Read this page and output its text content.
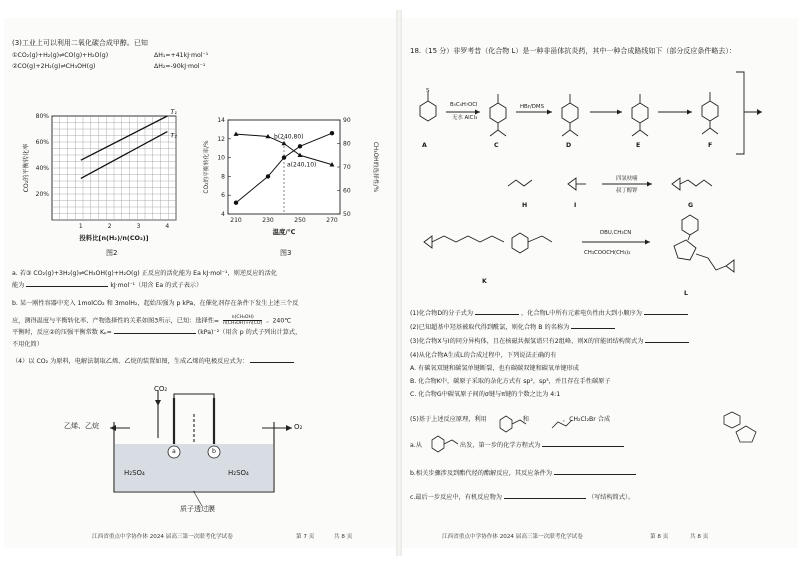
(3)工业上可以利用二氧化碳合成甲醇。已知
①CO₂(g)+H₂(g)⇌CO(g)+H₂O(g)	ΔH₁=+41kJ·mol⁻¹
②CO(g)+2H₂(g)⇌CH₃OH(g)	ΔH₂=-90kJ·mol⁻¹
20%
40%
60%
80%
1	2	3	4
T₁
T₂
投料比[n(H₂)/n(CO₂)]
CO₂的平衡转化率
图2
4
6
8
10
12
14
50
60
70
80
90
210	230	250	270
b(240,80)
a(240,10)
温度/℃
CO₂的平衡转化率/%	CH₃OH的选择性/%
图3
a. 若③ CO₂(g)+3H₂(g)⇌CH₃OH(g)+H₂O(g) 正反应的活化能为 Ea kJ·mol⁻¹，则逆反应的活化
能为	kJ·mol⁻¹（用含 Ea 的式子表示）
b. 某一刚性容器中充入 1molCO₂ 和 3molH₂，起始压强为 p kPa，在催化剂存在条件下发生上述三个反
应，测得温度与平衡转化率、产物选择性的关系如图3所示，已知：选择性= $\frac{\text{n(CH₃OH)}}{\text{n(CH₃OH)+n(CO)}}$ 。240℃
平衡时，反应②的压强平衡常数 Kₚ=	(kPa)⁻²（用含 p 的式子列出计算式，
不用化简）
（4）以 CO₂ 为原料，电解法制取乙烯、乙烷的装置如图，生成乙烯的电极反应式为：
CO₂
乙烯、乙烷	O₂
a	b
H₂SO₄	H₂SO₄
质子透过膜
江西省重点中学协作体 2024 届高三第一次联考化学试卷	第 7 页	共 8 页
18.（15 分）非罗考昔（化合物 L）是一种非甾体抗炎药，其中一种合成路线如下（部分反应条件略去）：
S
B₅C₄H₇OCl
无水 AlCl₃
HBr/DMS
A	C	D	E	F
四氢呋喃
叔丁醇钾
H	I	G
DBU,CH₃CN
CH₃COOCH(CH₃)₂
K
L
(1)化合物D的分子式为	，化合物L中所有元素电负性由大到小顺序为
(2)已知超基中羟基被取代得到酰氯，则化合物 B 的名称为
(3)化合物X与I的同分异构体，且在核磁共振氢谱只有2组峰，则X的官能团结构简式为
(4)从化合物A生成L的合成过程中，下列说法正确的有
A. 有碳氧双键和碳氢单键断裂，也有碳碳双键和碳氧单键形成
B. 化合物K中，碳原子采取的杂化方式有 sp²，sp³，并且存在手性碳原子
C. 化合物G中碳氧原子间的σ键与π键的个数之比为 4:1
(5)基于上述反应原理，利用	和	，CH₂Cl₂Br 合成
a.从	出发，第一步的化学方程式为
b.相关步骤涉及到酯代烃的酯解反应，其反应条件为
c.最后一步反应中，有机反应物为	（写结构简式）。
江西省重点中学协作体 2024 届高三第一次联考化学试卷	第 8 页	共 8 页
